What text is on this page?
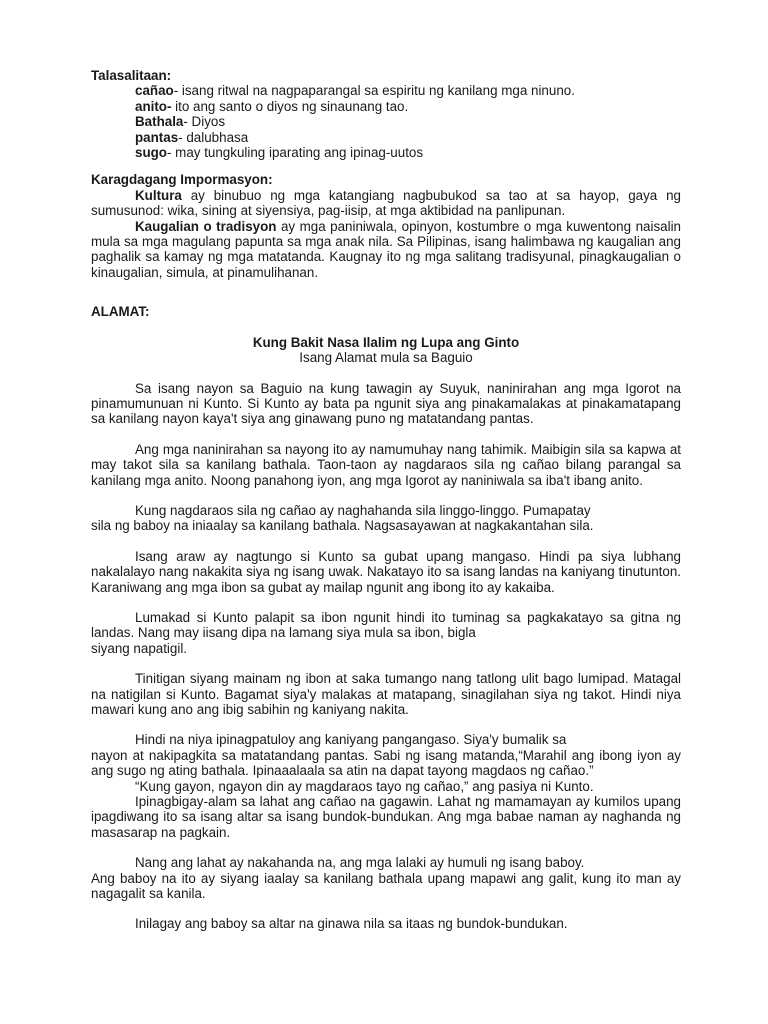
Talasalitaan:

cañao- isang ritwal na nagpaparangal sa espiritu ng kanilang mga ninuno.

anito- ito ang santo o diyos ng sinaunang tao.

Bathala- Diyos

pantas- dalubhasa

sugo- may tungkuling iparating ang ipinag-uutos

Karagdagang Impormasyon:

Kultura ay binubuo ng mga katangiang nagbubukod sa tao at sa hayop, gaya ng sumusunod: wika, sining at siyensiya, pag-iisip, at mga aktibidad na panlipunan.

Kaugalian o tradisyon ay mga paniniwala, opinyon, kostumbre o mga kuwentong naisalin mula sa mga magulang papunta sa mga anak nila. Sa Pilipinas, isang halimbawa ng kaugalian ang paghalik sa kamay ng mga matatanda. Kaugnay ito ng mga salitang tradisyunal, pinagkaugalian o kinaugalian, simula, at pinamulihanan.

ALAMAT:

Kung Bakit Nasa Ilalim ng Lupa ang Ginto

Isang Alamat mula sa Baguio

Sa isang nayon sa Baguio na kung tawagin ay Suyuk, naninirahan ang mga Igorot na pinamumunuan ni Kunto. Si Kunto ay bata pa ngunit siya ang pinakamalakas at pinakamatapang sa kanilang nayon kaya't siya ang ginawang puno ng matatandang pantas.

Ang mga naninirahan sa nayong ito ay namumuhay nang tahimik. Maibigin sila sa kapwa at may takot sila sa kanilang bathala. Taon-taon ay nagdaraos sila ng cañao bilang parangal sa kanilang mga anito. Noong panahong iyon, ang mga Igorot ay naniniwala sa iba't ibang anito.

Kung nagdaraos sila ng cañao ay naghahanda sila linggo-linggo. Pumapatay

sila ng baboy na iniaalay sa kanilang bathala. Nagsasayawan at nagkakantahan sila.

Isang araw ay nagtungo si Kunto sa gubat upang mangaso. Hindi pa siya lubhang nakalalayo nang nakakita siya ng isang uwak. Nakatayo ito sa isang landas na kaniyang tinutunton. Karaniwang ang mga ibon sa gubat ay mailap ngunit ang ibong ito ay kakaiba.

Lumakad si Kunto palapit sa ibon ngunit hindi ito tuminag sa pagkakatayo sa gitna ng landas. Nang may iisang dipa na lamang siya mula sa ibon, bigla

siyang napatigil.

Tinitigan siyang mainam ng ibon at saka tumango nang tatlong ulit bago lumipad. Matagal na natigilan si Kunto. Bagamat siya'y malakas at matapang, sinagilahan siya ng takot. Hindi niya mawari kung ano ang ibig sabihin ng kaniyang nakita.

Hindi na niya ipinagpatuloy ang kaniyang pangangaso. Siya'y bumalik sa

nayon at nakipagkita sa matatandang pantas. Sabi ng isang matanda,“Marahil ang ibong iyon ay ang sugo ng ating bathala. Ipinaaalaala sa atin na dapat tayong magdaos ng cañao.”

“Kung gayon, ngayon din ay magdaraos tayo ng cañao,” ang pasiya ni Kunto.

Ipinagbigay-alam sa lahat ang cañao na gagawin. Lahat ng mamamayan ay kumilos upang ipagdiwang ito sa isang altar sa isang bundok-bundukan. Ang mga babae naman ay naghanda ng masasarap na pagkain.

Nang ang lahat ay nakahanda na, ang mga lalaki ay humuli ng isang baboy.

Ang baboy na ito ay siyang iaalay sa kanilang bathala upang mapawi ang galit, kung ito man ay nagagalit sa kanila.

Inilagay ang baboy sa altar na ginawa nila sa itaas ng bundok-bundukan.
